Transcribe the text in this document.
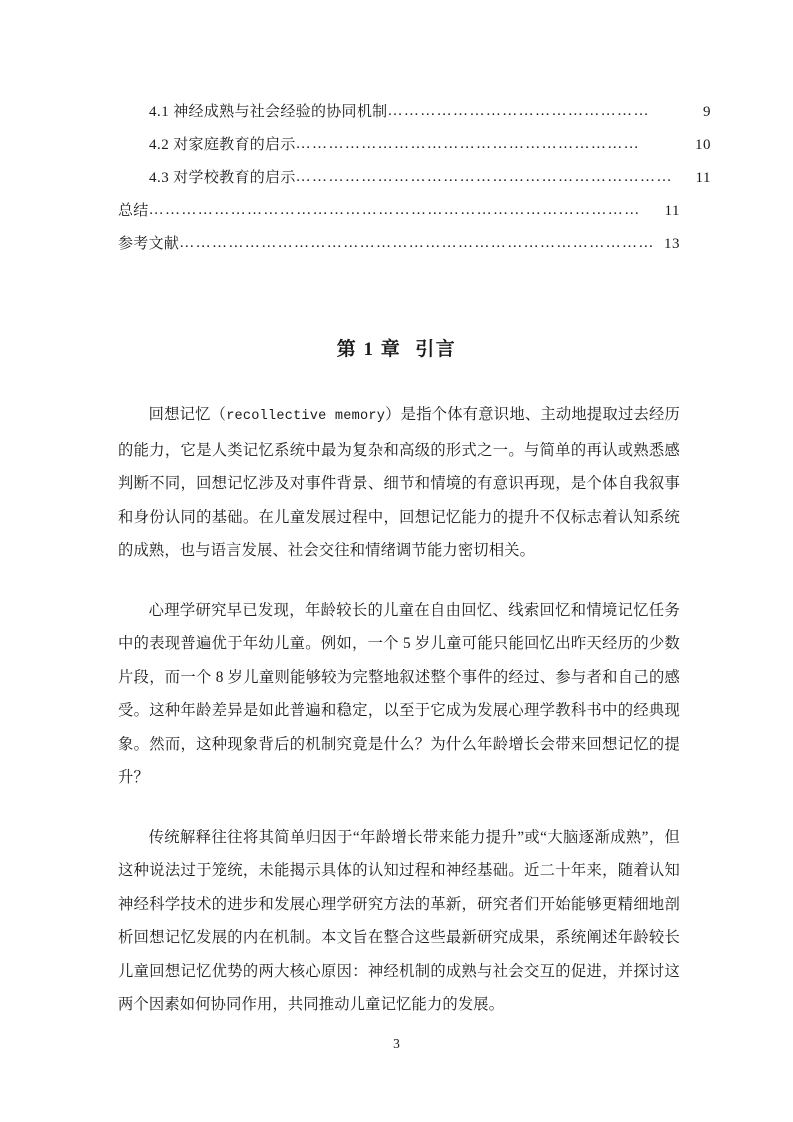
4.1 神经成熟与社会经验的协同机制 …………………………………………	9
4.2 对家庭教育的启示 ………………………………………………………	10
4.3 对学校教育的启示 ……………………………………………………………	11
总结 ………………………………………………………………………………	11
参考文献 …………………………………………………………………………… 13
第 1 章 引言

回想记忆（recollective memory）是指个体有意识地、主动地提取过去经历的能力，它是人类记忆系统中最为复杂和高级的形式之一。与简单的再认或熟悉感判断不同，回想记忆涉及对事件背景、细节和情境的有意识再现，是个体自我叙事和身份认同的基础。在儿童发展过程中，回想记忆能力的提升不仅标志着认知系统的成熟，也与语言发展、社会交往和情绪调节能力密切相关。

心理学研究早已发现，年龄较长的儿童在自由回忆、线索回忆和情境记忆任务中的表现普遍优于年幼儿童。例如，一个 5 岁儿童可能只能回忆出昨天经历的少数片段，而一个 8 岁儿童则能够较为完整地叙述整个事件的经过、参与者和自己的感受。这种年龄差异是如此普遍和稳定，以至于它成为发展心理学教科书中的经典现象。然而，这种现象背后的机制究竟是什么？为什么年龄增长会带来回想记忆的提升？

传统解释往往将其简单归因于“年龄增长带来能力提升”或“大脑逐渐成熟”，但这种说法过于笼统，未能揭示具体的认知过程和神经基础。近二十年来，随着认知神经科学技术的进步和发展心理学研究方法的革新，研究者们开始能够更精细地剖析回想记忆发展的内在机制。本文旨在整合这些最新研究成果，系统阐述年龄较长儿童回想记忆优势的两大核心原因：神经机制的成熟与社会交互的促进，并探讨这两个因素如何协同作用，共同推动儿童记忆能力的发展。

3
